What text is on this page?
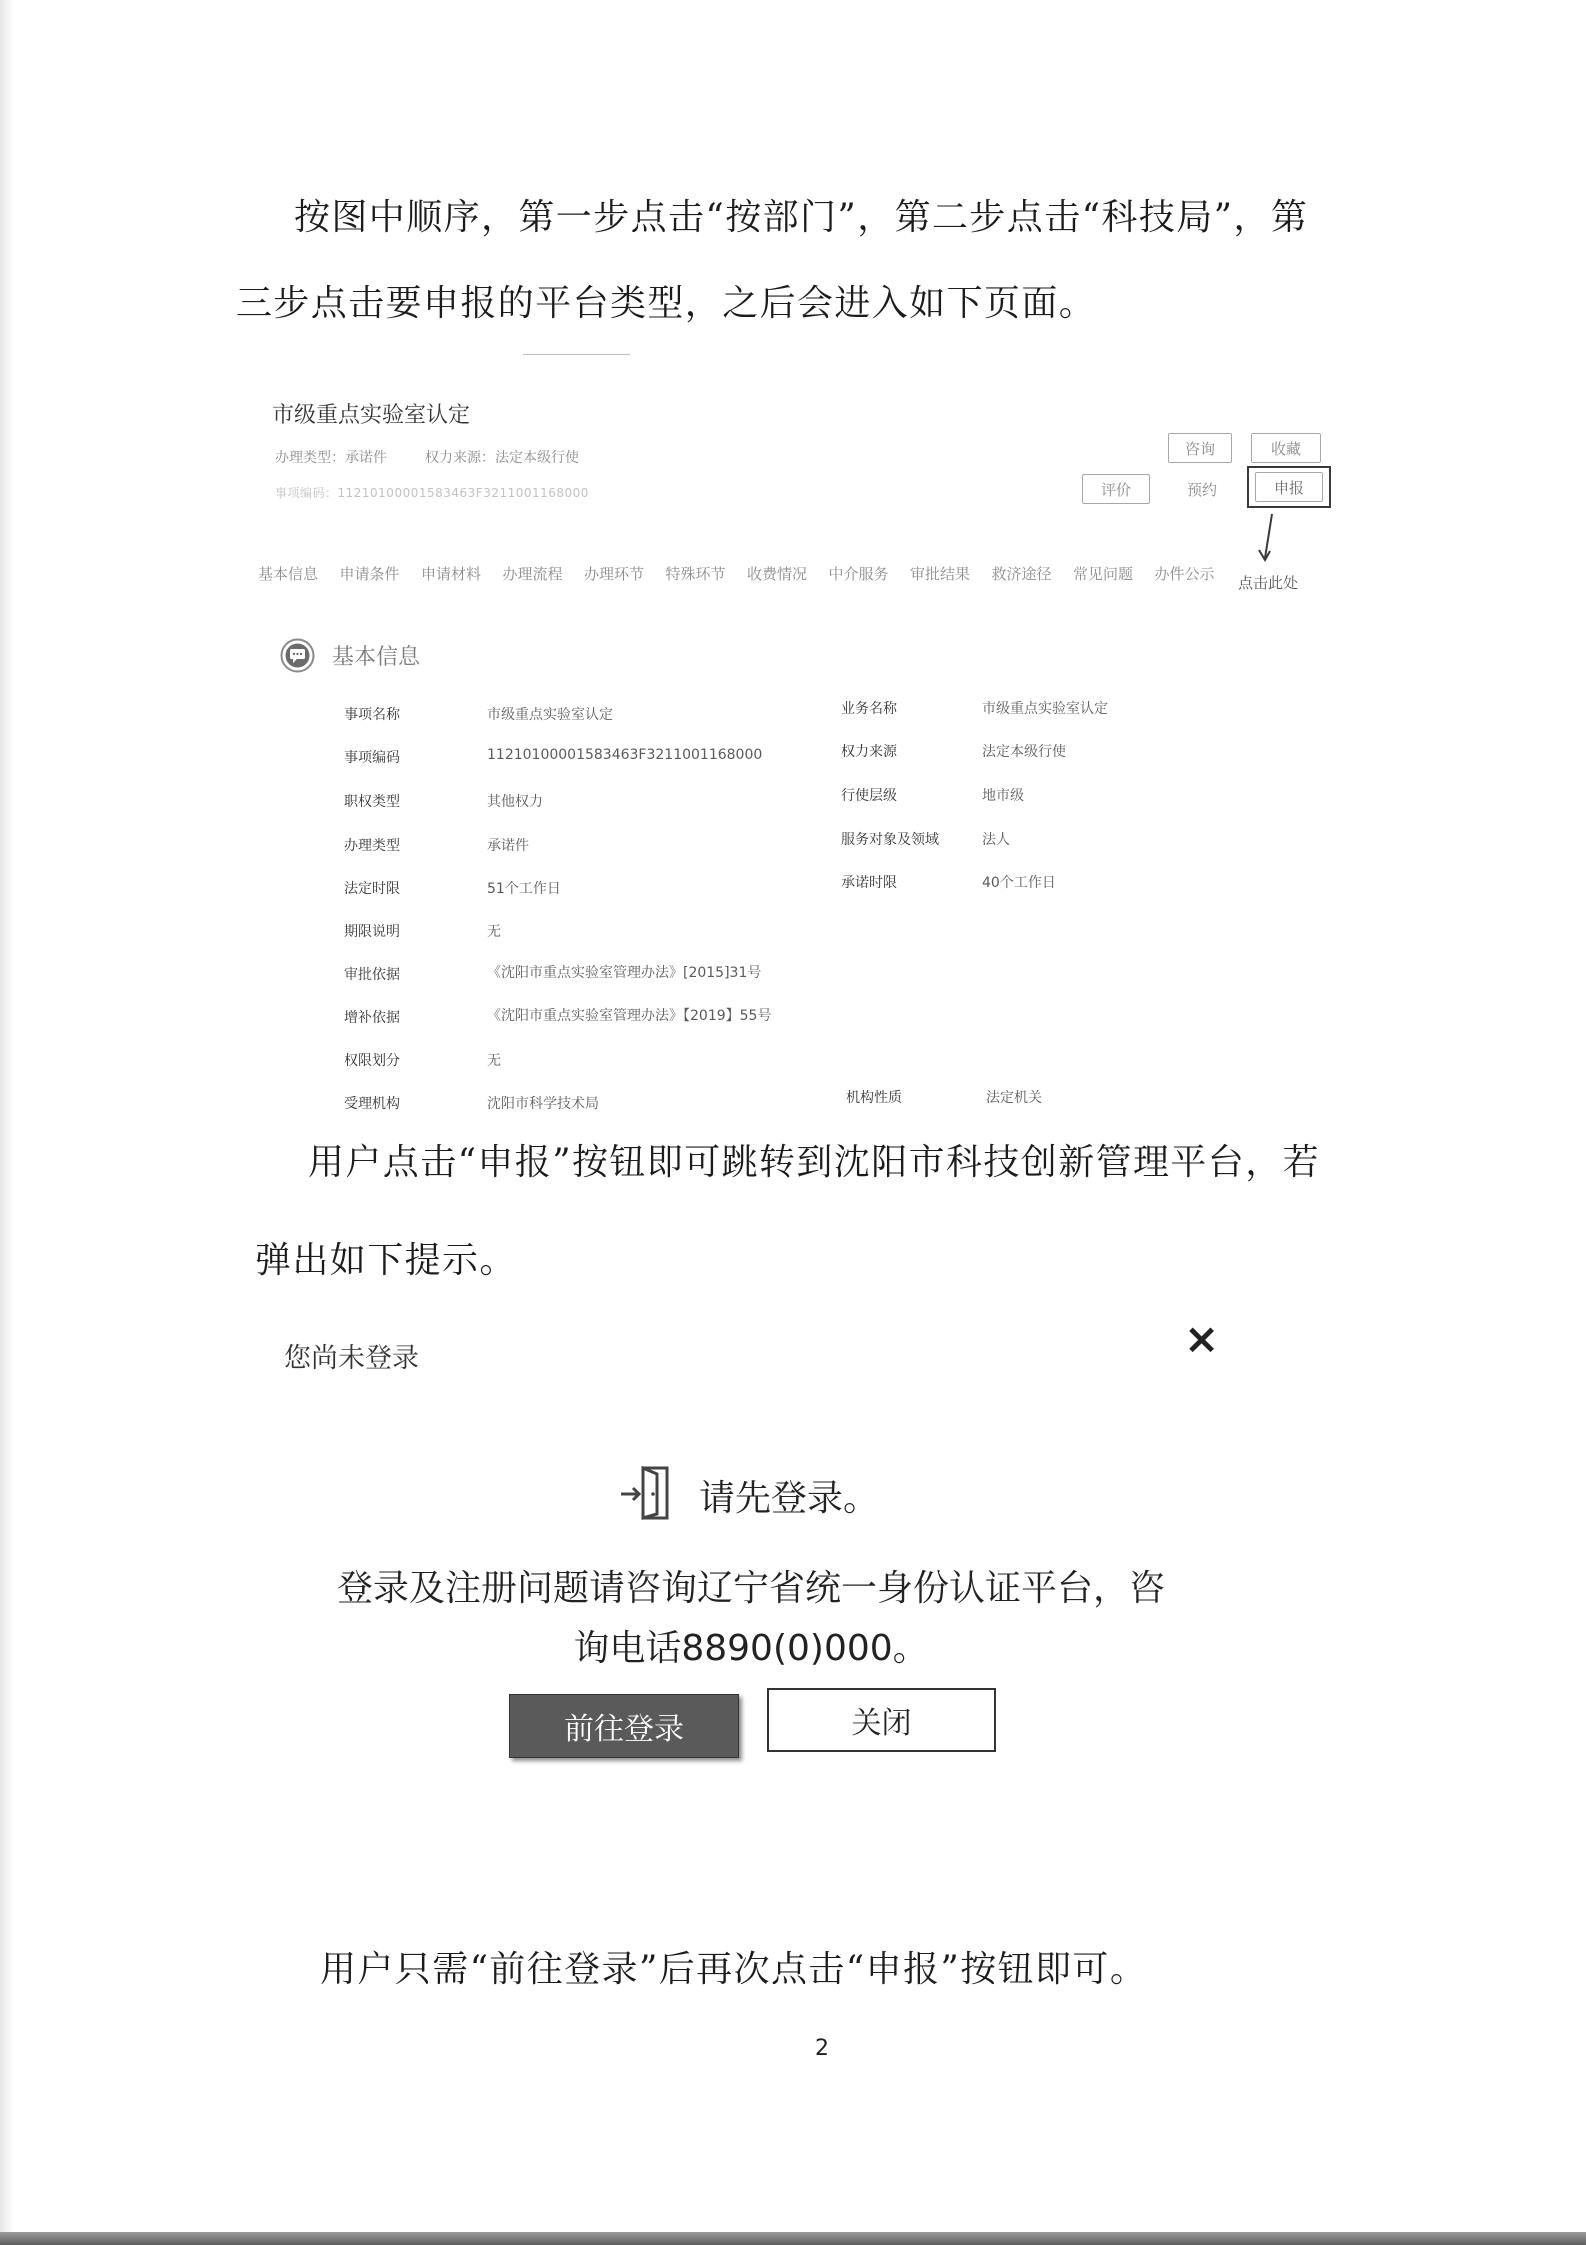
按图中顺序，第一步点击“按部门”，第二步点击“科技局”，第
三步点击要申报的平台类型，之后会进入如下页面。
市级重点实验室认定
办理类型：承诺件	权力来源：法定本级行使
事项编码：11210100001583463F3211001168000
咨询	收藏
评价	预约	申报
点击此处
基本信息	申请条件	申请材料	办理流程	办理环节	特殊环节	收费情况	中介服务	审批结果	救济途径	常见问题	办件公示
基本信息
事项名称	市级重点实验室认定	业务名称	市级重点实验室认定
事项编码	11210100001583463F3211001168000	权力来源	法定本级行使
职权类型	其他权力	行使层级	地市级
办理类型	承诺件	服务对象及领域	法人
法定时限	51个工作日	承诺时限	40个工作日
期限说明	无
审批依据	《沈阳市重点实验室管理办法》[2015]31号
增补依据	《沈阳市重点实验室管理办法》【2019】55号
权限划分	无
受理机构	沈阳市科学技术局	机构性质	法定机关
用户点击“申报”按钮即可跳转到沈阳市科技创新管理平台，若
弹出如下提示。
您尚未登录	×
请先登录。
登录及注册问题请咨询辽宁省统一身份认证平台，咨
询电话8890(0)000。
前往登录	关闭
用户只需“前往登录”后再次点击“申报”按钮即可。
2
